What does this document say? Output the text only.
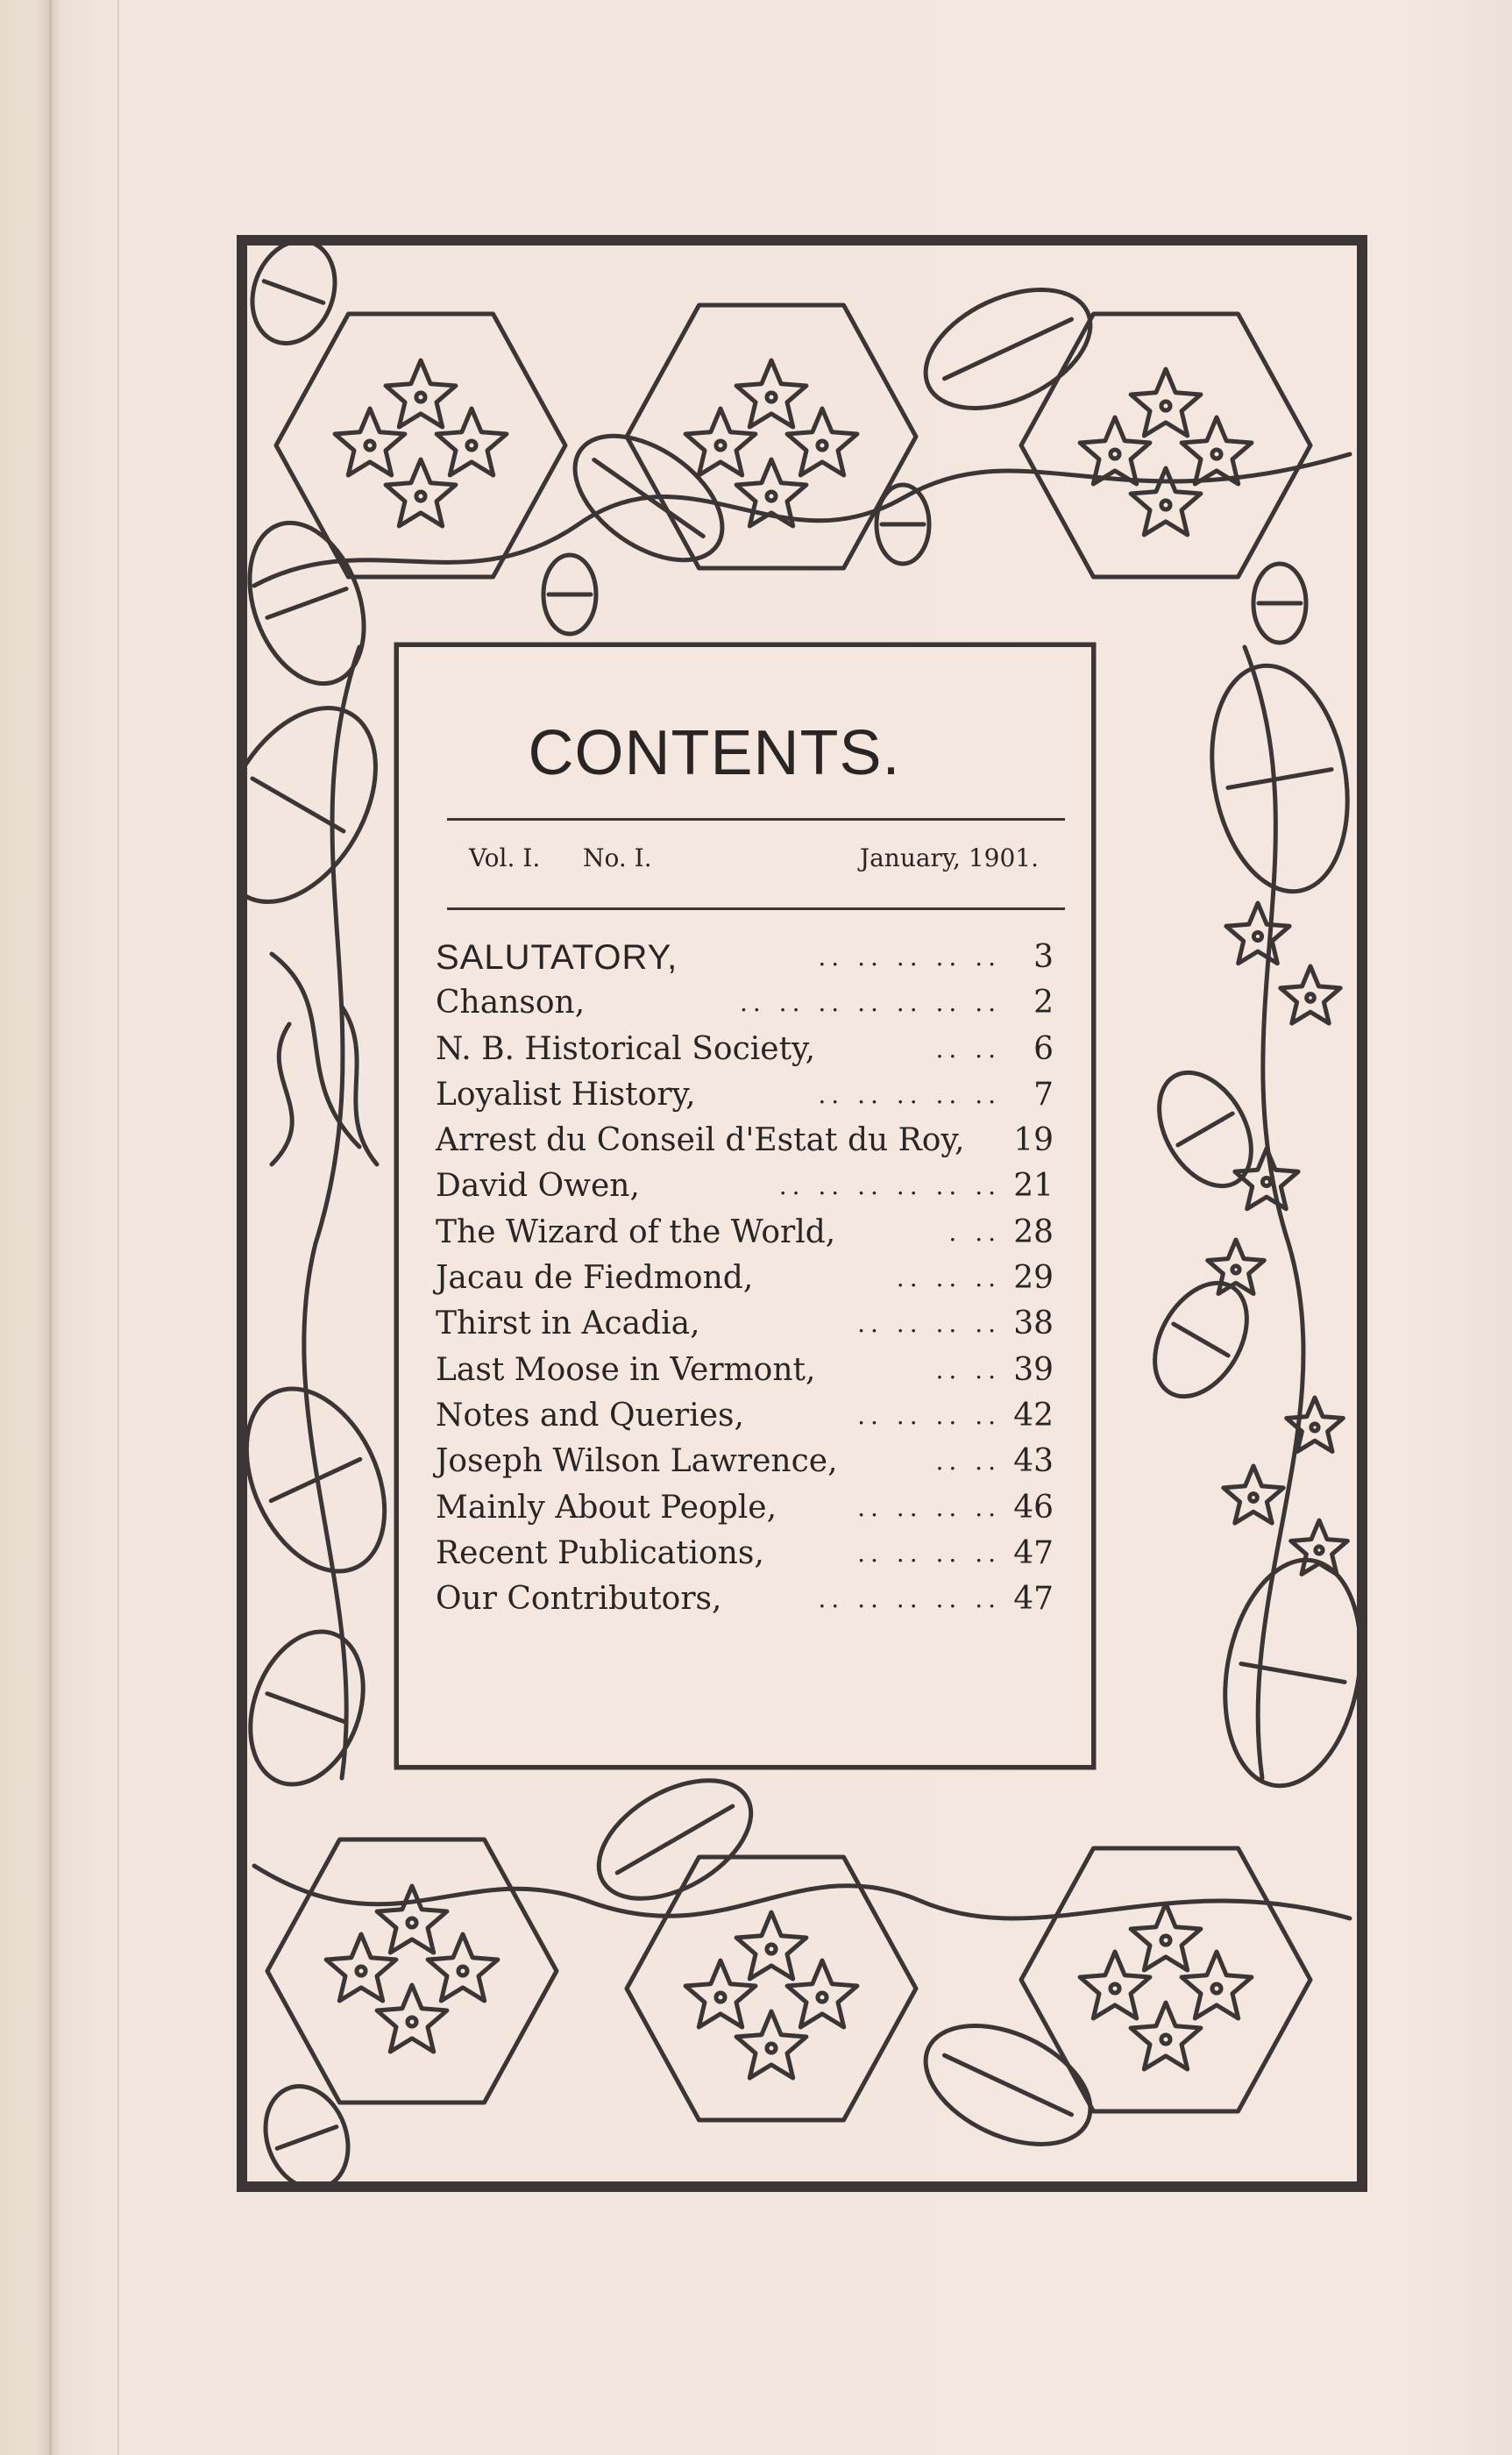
CONTENTS.
Vol. I. No. I.	January, 1901.
SALUTATORY,	.. .. .. .. .. 3
Chanson,	.. .. .. .. .. .. .. 2
N. B. Historical Society,	.. .. 6
Loyalist History,	.. .. .. .. .. 7
Arrest du Conseil d'Estat du Roy, 19
David Owen,	.. .. .. .. .. .. 21
The Wizard of the World,	. .. 28
Jacau de Fiedmond,	.. .. .. 29
Thirst in Acadia,	.. .. .. .. 38
Last Moose in Vermont,	.. .. 39
Notes and Queries,	.. .. .. .. 42
Joseph Wilson Lawrence,	.. .. 43
Mainly About People,	.. .. .. .. 46
Recent Publications,	.. .. .. .. 47
Our Contributors,	.. .. .. .. .. 47
